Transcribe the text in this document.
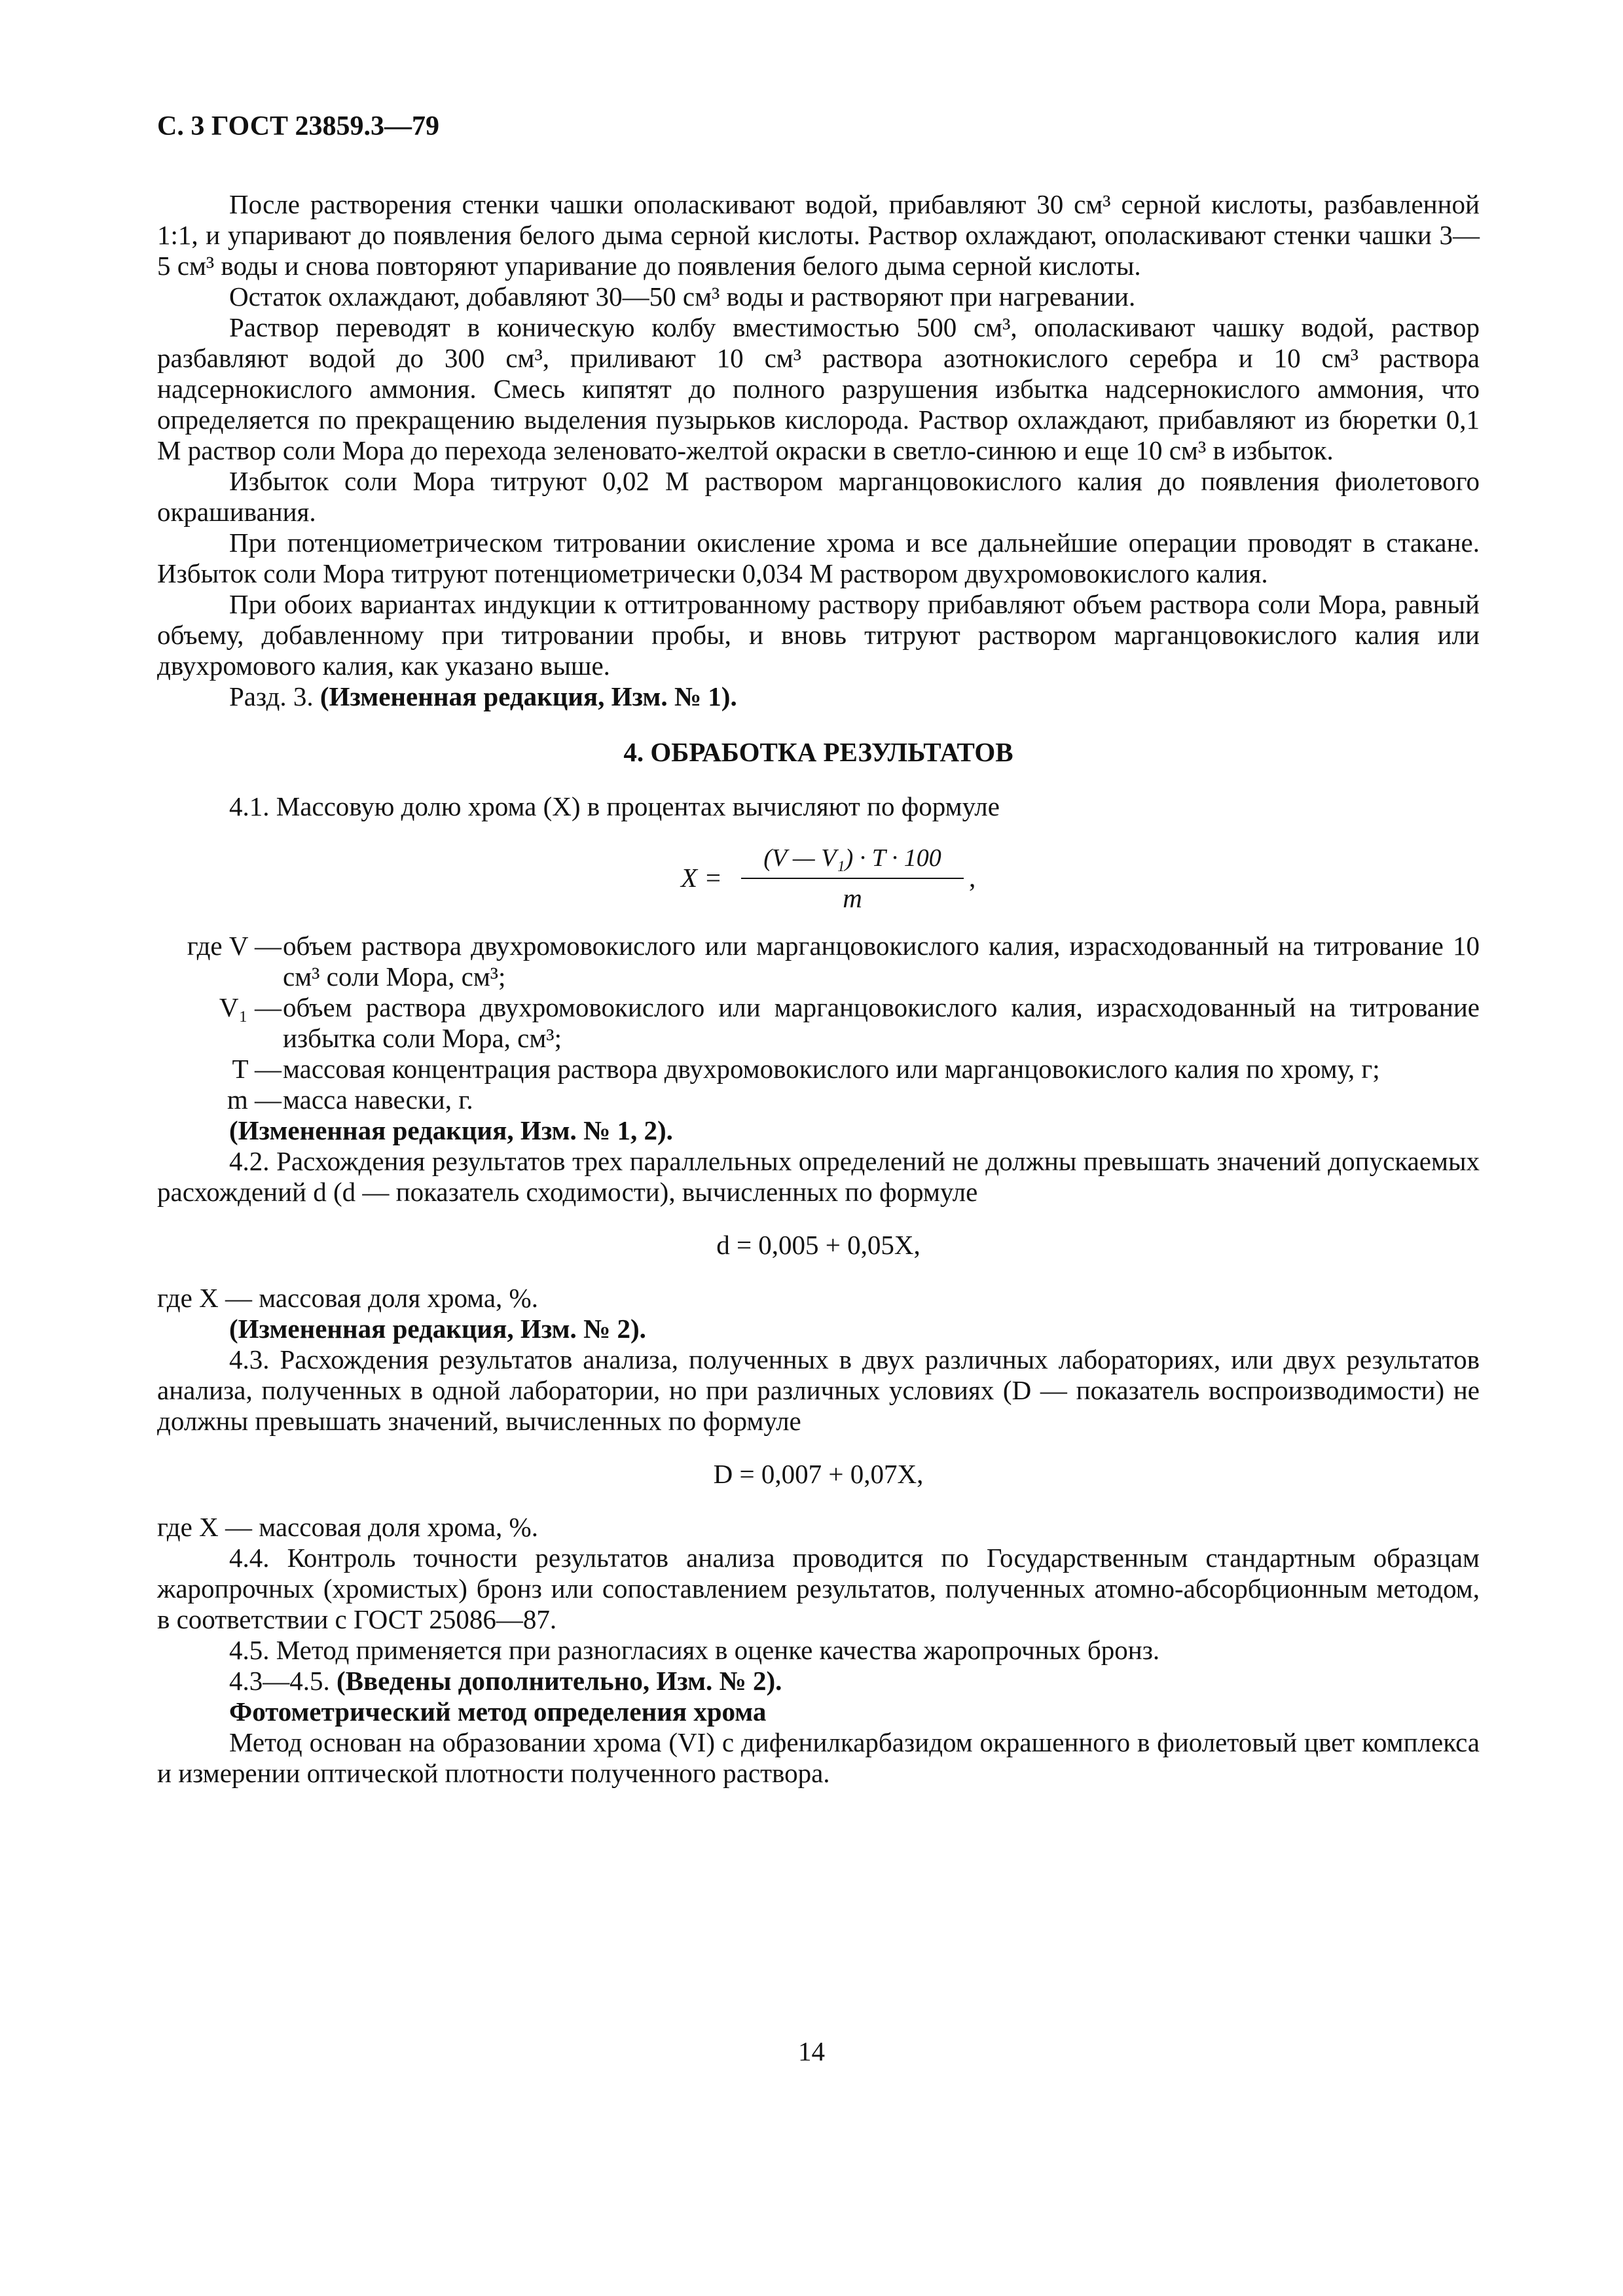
С. 3 ГОСТ 23859.3—79

После растворения стенки чашки ополаскивают водой, прибавляют 30 см³ серной кислоты, разбавленной 1:1, и упаривают до появления белого дыма серной кислоты. Раствор охлаждают, ополаскивают стенки чашки 3—5 см³ воды и снова повторяют упаривание до появления белого дыма серной кислоты.

Остаток охлаждают, добавляют 30—50 см³ воды и растворяют при нагревании.

Раствор переводят в коническую колбу вместимостью 500 см³, ополаскивают чашку водой, раствор разбавляют водой до 300 см³, приливают 10 см³ раствора азотнокислого серебра и 10 см³ раствора надсернокислого аммония. Смесь кипятят до полного разрушения избытка надсернокислого аммония, что определяется по прекращению выделения пузырьков кислорода. Раствор охлаждают, прибавляют из бюретки 0,1 М раствор соли Мора до перехода зеленовато-желтой окраски в светло-синюю и еще 10 см³ в избыток.

Избыток соли Мора титруют 0,02 М раствором марганцовокислого калия до появления фиолетового окрашивания.

При потенциометрическом титровании окисление хрома и все дальнейшие операции проводят в стакане. Избыток соли Мора титруют потенциометрически 0,034 М раствором двухромовокислого калия.

При обоих вариантах индукции к оттитрованному раствору прибавляют объем раствора соли Мора, равный объему, добавленному при титровании пробы, и вновь титруют раствором марганцовокислого калия или двухромового калия, как указано выше.

Разд. 3. (Измененная редакция, Изм. № 1).

4. ОБРАБОТКА РЕЗУЛЬТАТОВ

4.1. Массовую долю хрома (X) в процентах вычисляют по формуле

$X = \frac{\text{(V — V₁) · T · 100}}{m}$ ,
где V —	объем раствора двухромовокислого или марганцовокислого калия, израсходованный на титрование 10 см³ соли Мора, см³;
V₁ —	объем раствора двухромовокислого или марганцовокислого калия, израсходованный на титрование избытка соли Мора, см³;
T —	массовая концентрация раствора двухромовокислого или марганцовокислого калия по хрому, г;
m —	масса навески, г.

(Измененная редакция, Изм. № 1, 2).

4.2. Расхождения результатов трех параллельных определений не должны превышать значений допускаемых расхождений d (d — показатель сходимости), вычисленных по формуле

d = 0,005 + 0,05X,

где X — массовая доля хрома, %.

(Измененная редакция, Изм. № 2).

4.3. Расхождения результатов анализа, полученных в двух различных лабораториях, или двух результатов анализа, полученных в одной лаборатории, но при различных условиях (D — показатель воспроизводимости) не должны превышать значений, вычисленных по формуле

D = 0,007 + 0,07X,

где X — массовая доля хрома, %.

4.4. Контроль точности результатов анализа проводится по Государственным стандартным образцам жаропрочных (хромистых) бронз или сопоставлением результатов, полученных атомно-абсорбционным методом, в соответствии с ГОСТ 25086—87.

4.5. Метод применяется при разногласиях в оценке качества жаропрочных бронз.

4.3—4.5. (Введены дополнительно, Изм. № 2).

Фотометрический метод определения хрома

Метод основан на образовании хрома (VI) с дифенилкарбазидом окрашенного в фиолетовый цвет комплекса и измерении оптической плотности полученного раствора.

14
